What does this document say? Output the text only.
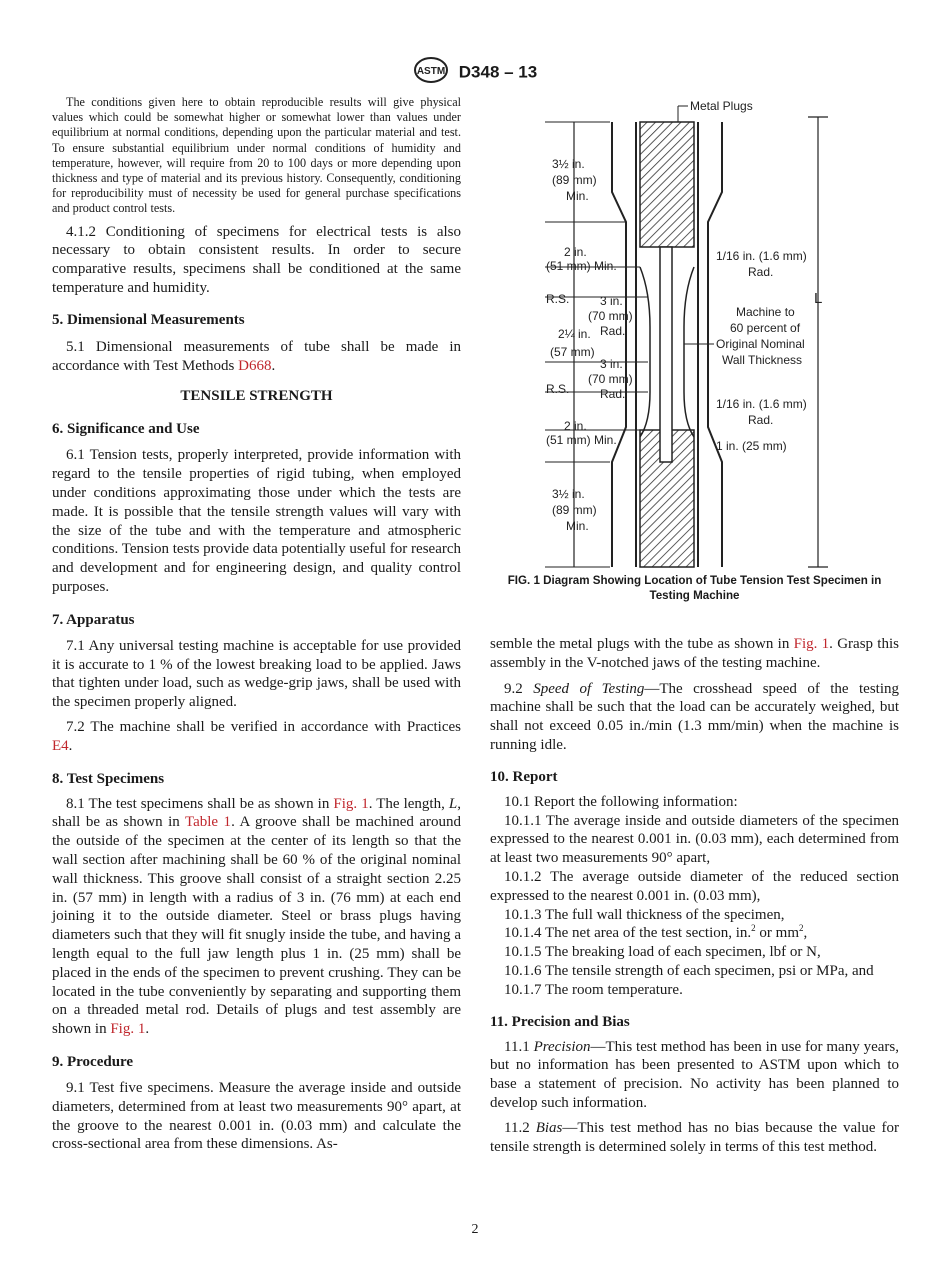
ASTM D348 – 13

The conditions given here to obtain reproducible results will give physical values which could be somewhat higher or somewhat lower than values under equilibrium at normal conditions, depending upon the particular material and test. To ensure substantial equilibrium under normal conditions of humidity and temperature, however, will require from 20 to 100 days or more depending upon thickness and type of material and its previous history. Consequently, conditioning for reproducibility must of necessity be used for general purchase specifications and product control tests.

4.1.2 Conditioning of specimens for electrical tests is also necessary to obtain consistent results. In order to secure comparative results, specimens shall be conditioned at the same temperature and humidity.

5. Dimensional Measurements

5.1 Dimensional measurements of tube shall be made in accordance with Test Methods D668.

TENSILE STRENGTH
6. Significance and Use

6.1 Tension tests, properly interpreted, provide information with regard to the tensile properties of rigid tubing, when employed under conditions approximating those under which the tests are made. It is possible that the tensile strength values will vary with the size of the tube and with the temperature and atmospheric conditions. Tension tests provide data potentially useful for research and development and for engineering design, and quality control purposes.

7. Apparatus

7.1 Any universal testing machine is acceptable for use provided it is accurate to 1 % of the lowest breaking load to be applied. Jaws that tighten under load, such as wedge-grip jaws, shall be used with the specimen properly aligned.

7.2 The machine shall be verified in accordance with Practices E4.

8. Test Specimens

8.1 The test specimens shall be as shown in Fig. 1. The length, L, shall be as shown in Table 1. A groove shall be machined around the outside of the specimen at the center of its length so that the wall section after machining shall be 60 % of the original nominal wall thickness. This groove shall consist of a straight section 2.25 in. (57 mm) in length with a radius of 3 in. (76 mm) at each end joining it to the outside diameter. Steel or brass plugs having diameters such that they will fit snugly inside the tube, and having a length equal to the full jaw length plus 1 in. (25 mm) shall be placed in the ends of the specimen to prevent crushing. They can be located in the tube conveniently by separating and supporting them on a threaded metal rod. Details of plugs and test assembly are shown in Fig. 1.

9. Procedure

9.1 Test five specimens. Measure the average inside and outside diameters, determined from at least two measurements 90° apart, at the groove to the nearest 0.001 in. (0.03 mm) and calculate the cross-sectional area from these dimensions. As-

L
Metal Plugs
3½ in.
(89 mm)
Min.
2 in.
(51 mm) Min.
1/16 in. (1.6 mm)
Rad.
R.S.	3 in.
(70 mm)
Rad.
2¼ in.
(57 mm)
Machine to
60 percent of
Original Nominal
Wall Thickness
3 in.
(70 mm)
Rad.
R.S.
1/16 in. (1.6 mm)
Rad.
2 in.
(51 mm) Min.	1 in. (25 mm)
3½ in.
(89 mm)
Min.
FIG. 1 Diagram Showing Location of Tube Tension Test Specimen in Testing Machine

semble the metal plugs with the tube as shown in Fig. 1. Grasp this assembly in the V-notched jaws of the testing machine.

9.2 Speed of Testing—The crosshead speed of the testing machine shall be such that the load can be accurately weighed, but shall not exceed 0.05 in./min (1.3 mm/min) when the machine is running idle.

10. Report

10.1 Report the following information:

10.1.1 The average inside and outside diameters of the specimen expressed to the nearest 0.001 in. (0.03 mm), each determined from at least two measurements 90° apart,

10.1.2 The average outside diameter of the reduced section expressed to the nearest 0.001 in. (0.03 mm),

10.1.3 The full wall thickness of the specimen,

10.1.4 The net area of the test section, in.$^2$ or $mm^2$,

10.1.5 The breaking load of each specimen, lbf or N,

10.1.6 The tensile strength of each specimen, psi or MPa, and

10.1.7 The room temperature.

11. Precision and Bias

11.1 Precision—This test method has been in use for many years, but no information has been presented to ASTM upon which to base a statement of precision. No activity has been planned to develop such information.

11.2 Bias—This test method has no bias because the value for tensile strength is determined solely in terms of this test method.

2
